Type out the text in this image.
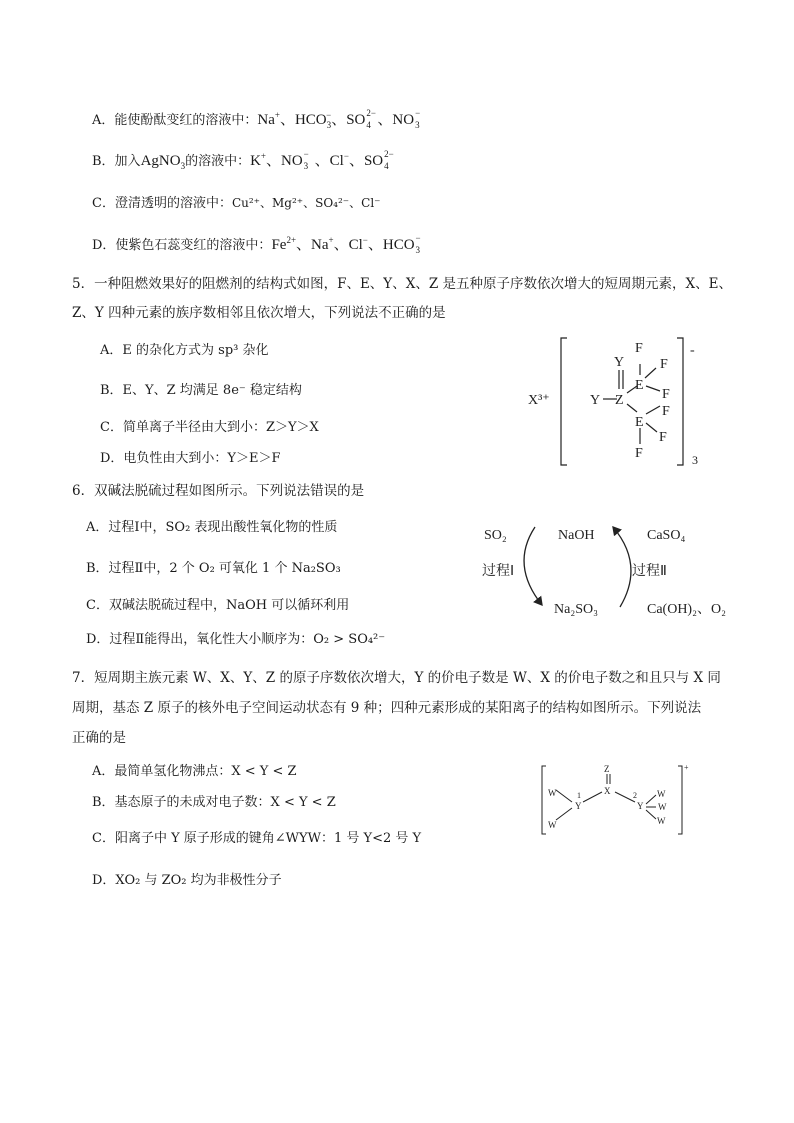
A．能使酚酞变红的溶液中：Na+、$HCO_3^-$、SO 2−
4 、NO −
3
B．加入AgNO$_3$的溶液中：K+、NO −
3 、Cl−、SO 2−
4
C．澄清透明的溶液中：Cu²⁺、Mg²⁺、SO₄²⁻、Cl⁻
D．使紫色石蕊变红的溶液中：$Fe^{2+}$、Na+、Cl−、HCO −
3
5．一种阻燃效果好的阻燃剂的结构式如图，F、E、Y、X、Z 是五种原子序数依次增大的短周期元素，X、E、
Z、Y 四种元素的族序数相邻且依次增大，下列说法不正确的是
A．E 的杂化方式为 sp³ 杂化
B．E、Y、Z 均满足 8e⁻ 稳定结构
C．简单离子半径由大到小：Z＞Y＞X
D．电负性由大到小：Y＞E＞F
X³⁺	Y
Y
Z
E
E
F
F
F
F
F
F
-
3
6．双碱法脱硫过程如图所示。下列说法错误的是
A．过程Ⅰ中，SO₂ 表现出酸性氧化物的性质
B．过程Ⅱ中，2 个 O₂ 可氧化 1 个 Na₂SO₃
C．双碱法脱硫过程中，NaOH 可以循环利用
D．过程Ⅱ能得出，氧化性大小顺序为：O₂ > SO₄²⁻
SO₂	NaOH	CaSO₄
过程Ⅰ	过程Ⅱ
Na₂SO₃	Ca(OH)₂、O₂
7．短周期主族元素 W、X、Y、Z 的原子序数依次增大，Y 的价电子数是 W、X 的价电子数之和且只与 X 同
周期，基态 Z 原子的核外电子空间运动状态有 9 种；四种元素形成的某阳离子的结构如图所示。下列说法
正确的是
A．最简单氢化物沸点：X < Y < Z
B．基态原子的未成对电子数：X < Y < Z
C．阳离子中 Y 原子形成的键角∠WYW：1 号 Y<2 号 Y
D．XO₂ 与 ZO₂ 均为非极性分子
Z
X
W
W
Y
1
Y
2 W
W
W
+
